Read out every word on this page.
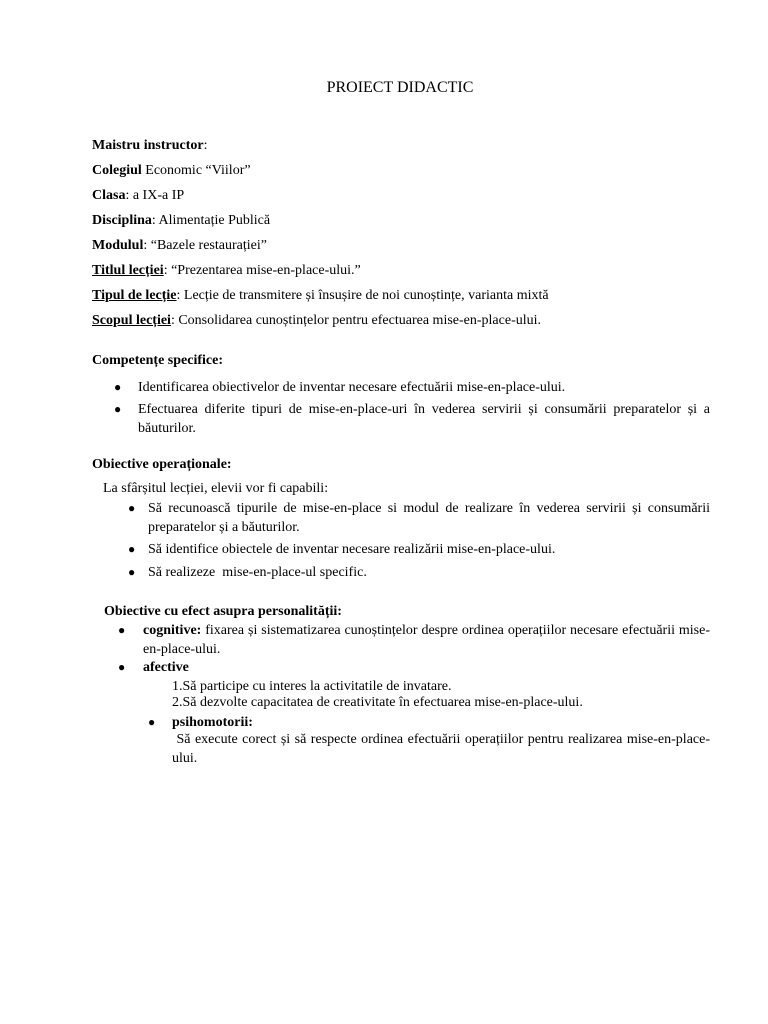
PROIECT DIDACTIC

Maistru instructor:

Colegiul Economic “Viilor”

Clasa: a IX-a IP

Disciplina: Alimentație Publică

Modulul: “Bazele restaurației”

Titlul lecției: “Prezentarea mise-en-place-ului.”

Tipul de lecție: Lecție de transmitere și însușire de noi cunoștințe, varianta mixtă

Scopul lecției: Consolidarea cunoștințelor pentru efectuarea mise-en-place-ului.

Competențe specifice:

● Identificarea obiectivelor de inventar necesare efectuării mise-en-place-ului.

● Efectuarea diferite tipuri de mise-en-place-uri în vederea servirii și consumării preparatelor și a băuturilor.

Obiective operaționale:

La sfârșitul lecției, elevii vor fi capabili:

● Să recunoască tipurile de mise-en-place si modul de realizare în vederea servirii și consumării preparatelor și a băuturilor.

● Să identifice obiectele de inventar necesare realizării mise-en-place-ului.

● Să realizeze  mise-en-place-ul specific.

Obiective cu efect asupra personalității:

● cognitive: fixarea și sistematizarea cunoștințelor despre ordinea operațiilor necesare efectuării mise-en-place-ului.

● afective

1.Să participe cu interes la activitatile de invatare.

2.Să dezvolte capacitatea de creativitate în efectuarea mise-en-place-ului.

● psihomotorii:

Să execute corect și să respecte ordinea efectuării operațiilor pentru realizarea mise-en-place-ului.
